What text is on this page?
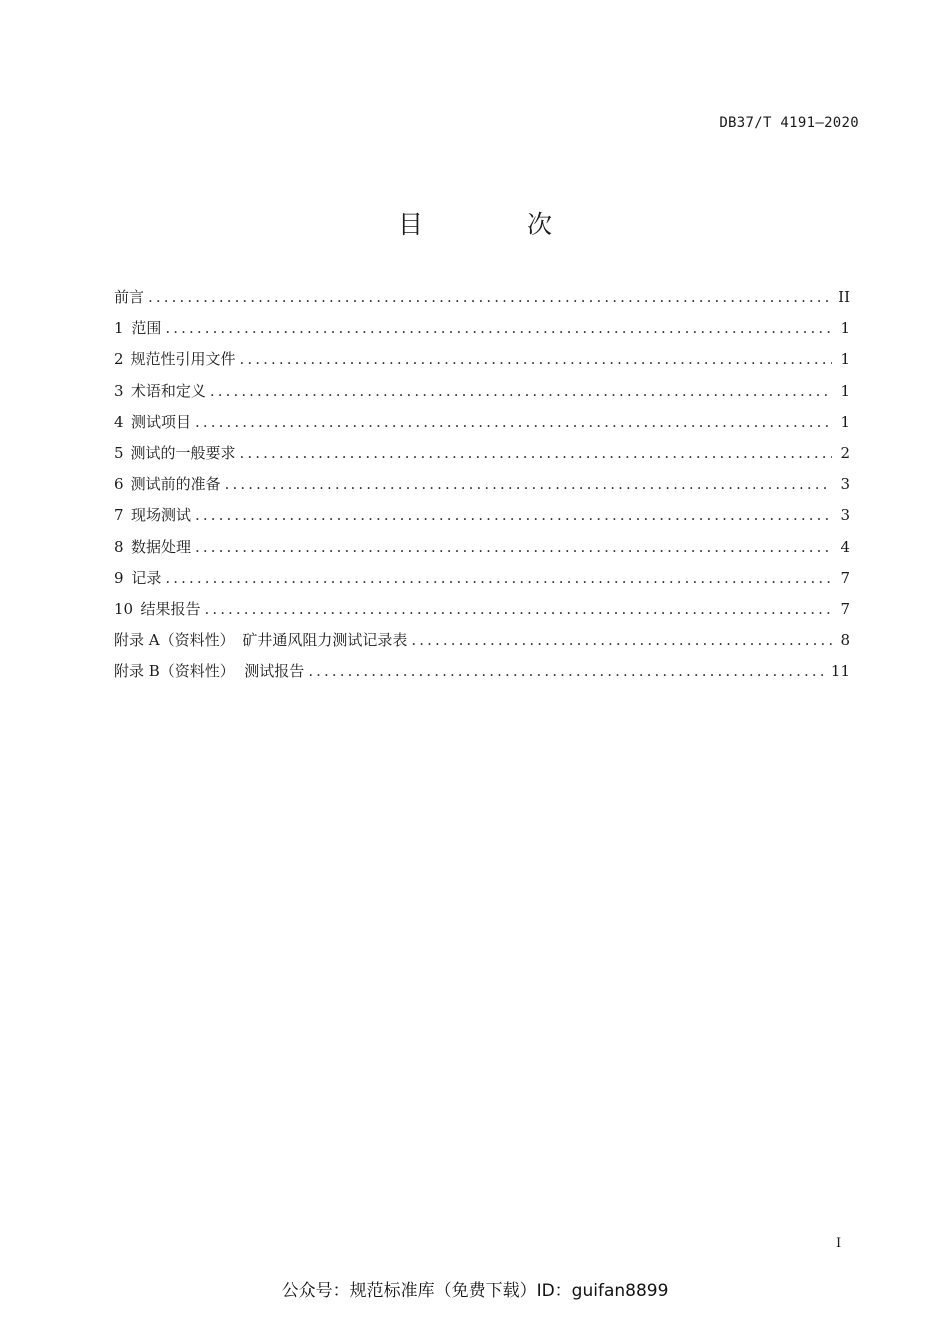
DB37/T 4191—2020
目 次
前言 .....	II
1 范围 .....	1
2 规范性引用文件 .....	1
3 术语和定义 .....	1
4 测试项目 .....	1
5 测试的一般要求 .....	2
6 测试前的准备 .....	3
7 现场测试 .....	3
8 数据处理 .....	4
9 记录 .....	7
10 结果报告 .....	7
附录 A（资料性） 矿井通风阻力测试记录表 .....	8
附录 B（资料性） 测试报告 .....	11
I
公众号：规范标准库（免费下载）ID：guifan8899
